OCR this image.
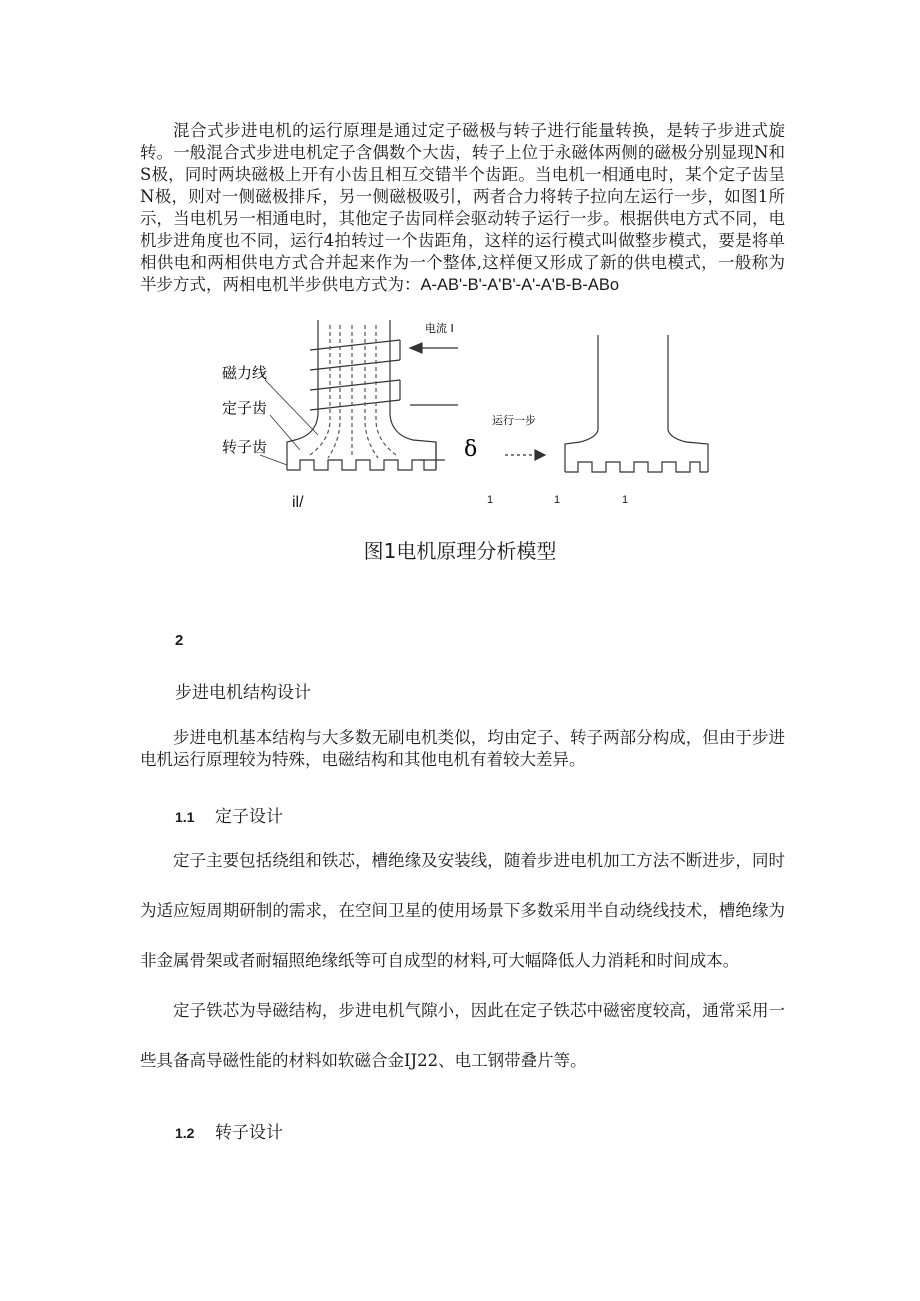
混合式步进电机的运行原理是通过定子磁极与转子进行能量转换，是转子步进式旋转。一般混合式步进电机定子含偶数个大齿，转子上位于永磁体两侧的磁极分别显现N和S极，同时两块磁极上开有小齿且相互交错半个齿距。当电机一相通电时，某个定子齿呈N极，则对一侧磁极排斥，另一侧磁极吸引，两者合力将转子拉向左运行一步，如图1所示，当电机另一相通电时，其他定子齿同样会驱动转子运行一步。根据供电方式不同，电机步进角度也不同，运行4拍转过一个齿距角，这样的运行模式叫做整步模式，要是将单相供电和两相供电方式合并起来作为一个整体,这样便又形成了新的供电模式，一般称为半步方式，两相电机半步供电方式为：A-AB'-B'-A'B'-A'-A'B-B-ABo

电流 I
磁力线
定子齿
转子齿	δ
运行一步
il/	1	1	1

图1电机原理分析模型

2

步进电机结构设计

步进电机基本结构与大多数无刷电机类似，均由定子、转子两部分构成，但由于步进电机运行原理较为特殊，电磁结构和其他电机有着较大差异。

1.1 定子设计

定子主要包括绕组和铁芯，槽绝缘及安装线，随着步进电机加工方法不断进步，同时为适应短周期研制的需求，在空间卫星的使用场景下多数采用半自动绕线技术，槽绝缘为非金属骨架或者耐辐照绝缘纸等可自成型的材料,可大幅降低人力消耗和时间成本。

定子铁芯为导磁结构，步进电机气隙小，因此在定子铁芯中磁密度较高，通常采用一些具备高导磁性能的材料如软磁合金IJ22、电工钢带叠片等。

1.2 转子设计
